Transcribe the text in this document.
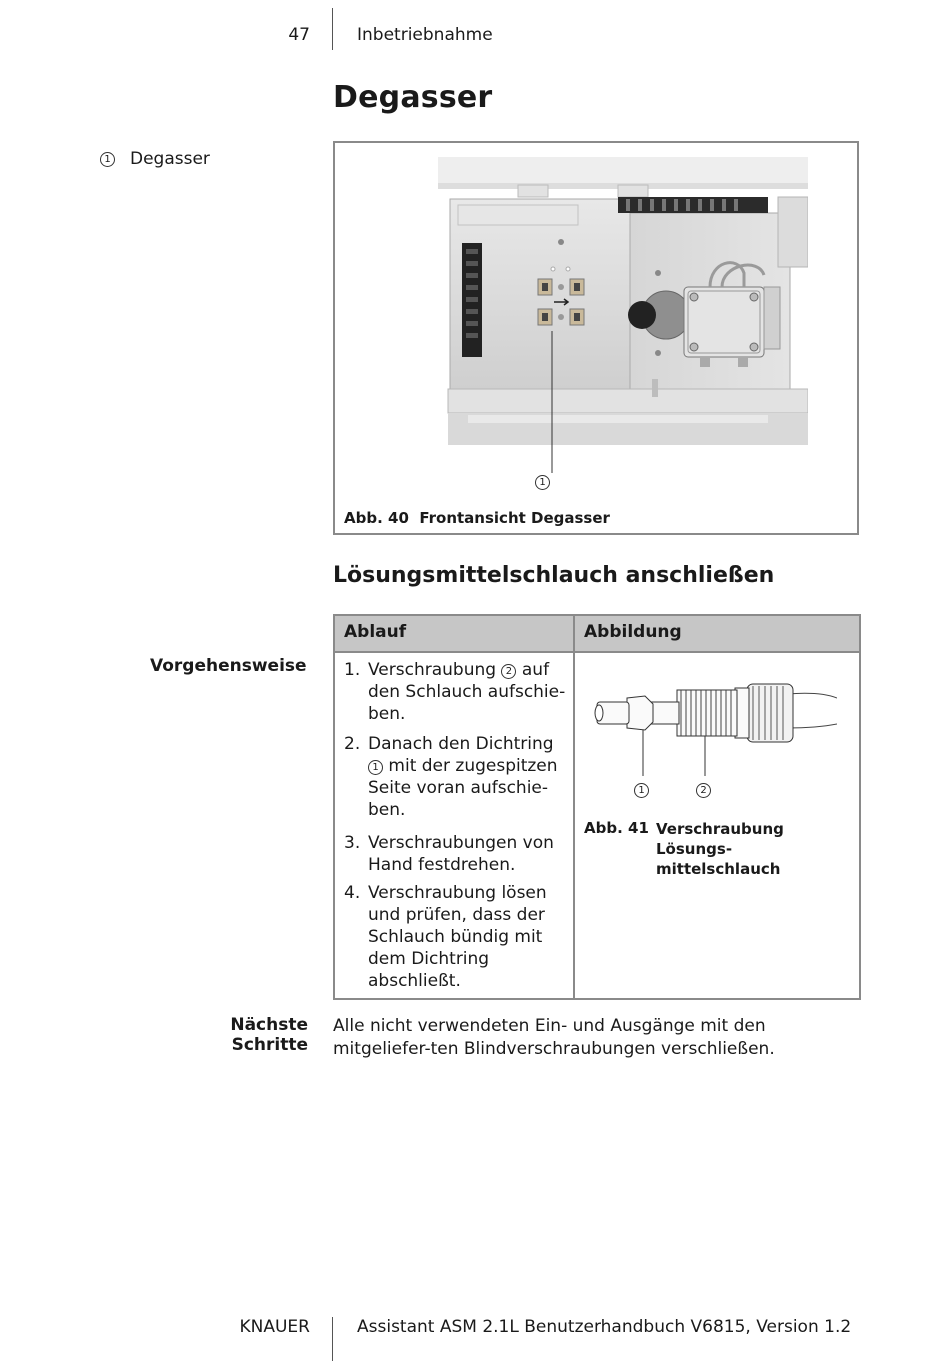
47	Inbetriebnahme
Degasser
1 Degasser
1
Abb. 40 Frontansicht Degasser
Lösungsmittelschlauch anschließen
Vorgehensweise
Ablauf	Abbildung
1. Verschraubung 2 auf den Schlauch aufschie-ben.
2. Danach den Dichtring 1 mit der zugespitzen Seite voran aufschie-ben.
3. Verschraubungen von Hand festdrehen.
4. Verschraubung lösen und prüfen, dass der Schlauch bündig mit dem Dichtring abschließt.
1	2
Abb. 41 Verschraubung Lösungs-mittelschlauch
Nächste Schritte
Alle nicht verwendeten Ein- und Ausgänge mit den mitgeliefer-ten Blindverschraubungen verschließen.
KNAUER	Assistant ASM 2.1L Benutzerhandbuch V6815, Version 1.2
